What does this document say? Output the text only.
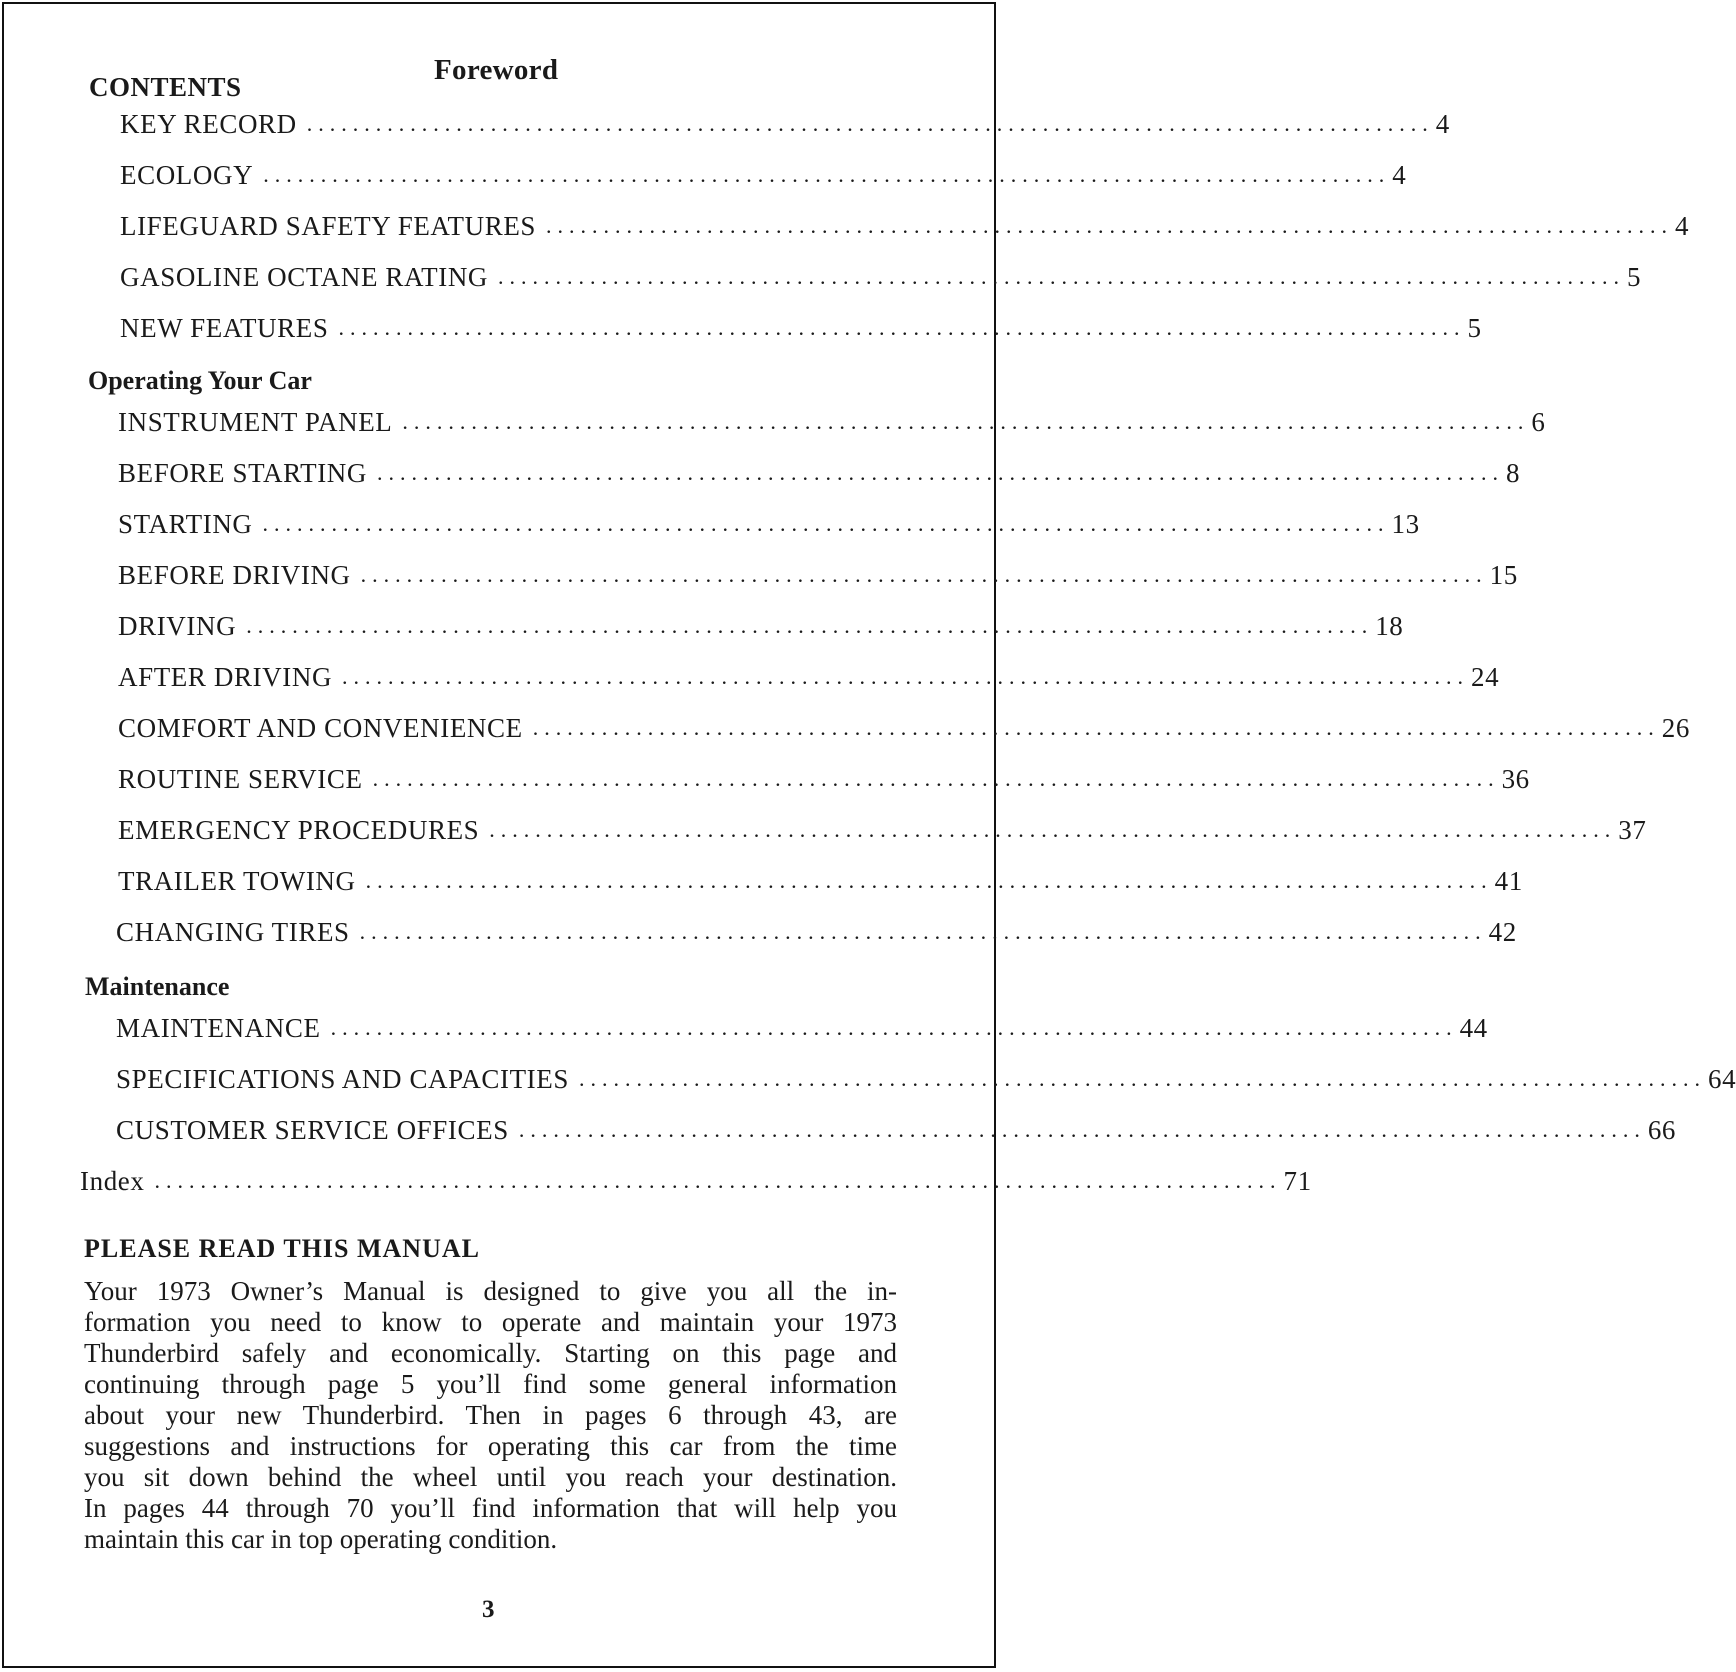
Foreword
CONTENTS
KEY RECORD .................................................................................................. 4
ECOLOGY .................................................................................................. 4
LIFEGUARD SAFETY FEATURES .................................................................................................. 4
GASOLINE OCTANE RATING .................................................................................................. 5
NEW FEATURES .................................................................................................. 5
Operating Your Car
INSTRUMENT PANEL .................................................................................................. 6
BEFORE STARTING .................................................................................................. 8
STARTING .................................................................................................. 13
BEFORE DRIVING .................................................................................................. 15
DRIVING .................................................................................................. 18
AFTER DRIVING .................................................................................................. 24
COMFORT AND CONVENIENCE .................................................................................................. 26
ROUTINE SERVICE .................................................................................................. 36
EMERGENCY PROCEDURES .................................................................................................. 37
TRAILER TOWING .................................................................................................. 41
CHANGING TIRES .................................................................................................. 42
Maintenance
MAINTENANCE .................................................................................................. 44
SPECIFICATIONS AND CAPACITIES .................................................................................................. 64
CUSTOMER SERVICE OFFICES .................................................................................................. 66
Index .................................................................................................. 71
PLEASE READ THIS MANUAL
Your 1973 Owner’s Manual is designed to give you all the in-
formation you need to know to operate and maintain your 1973
Thunderbird safely and economically. Starting on this page and
continuing through page 5 you’ll find some general information
about your new Thunderbird. Then in pages 6 through 43, are
suggestions and instructions for operating this car from the time
you sit down behind the wheel until you reach your destination.
In pages 44 through 70 you’ll find information that will help you
maintain this car in top operating condition.
3
